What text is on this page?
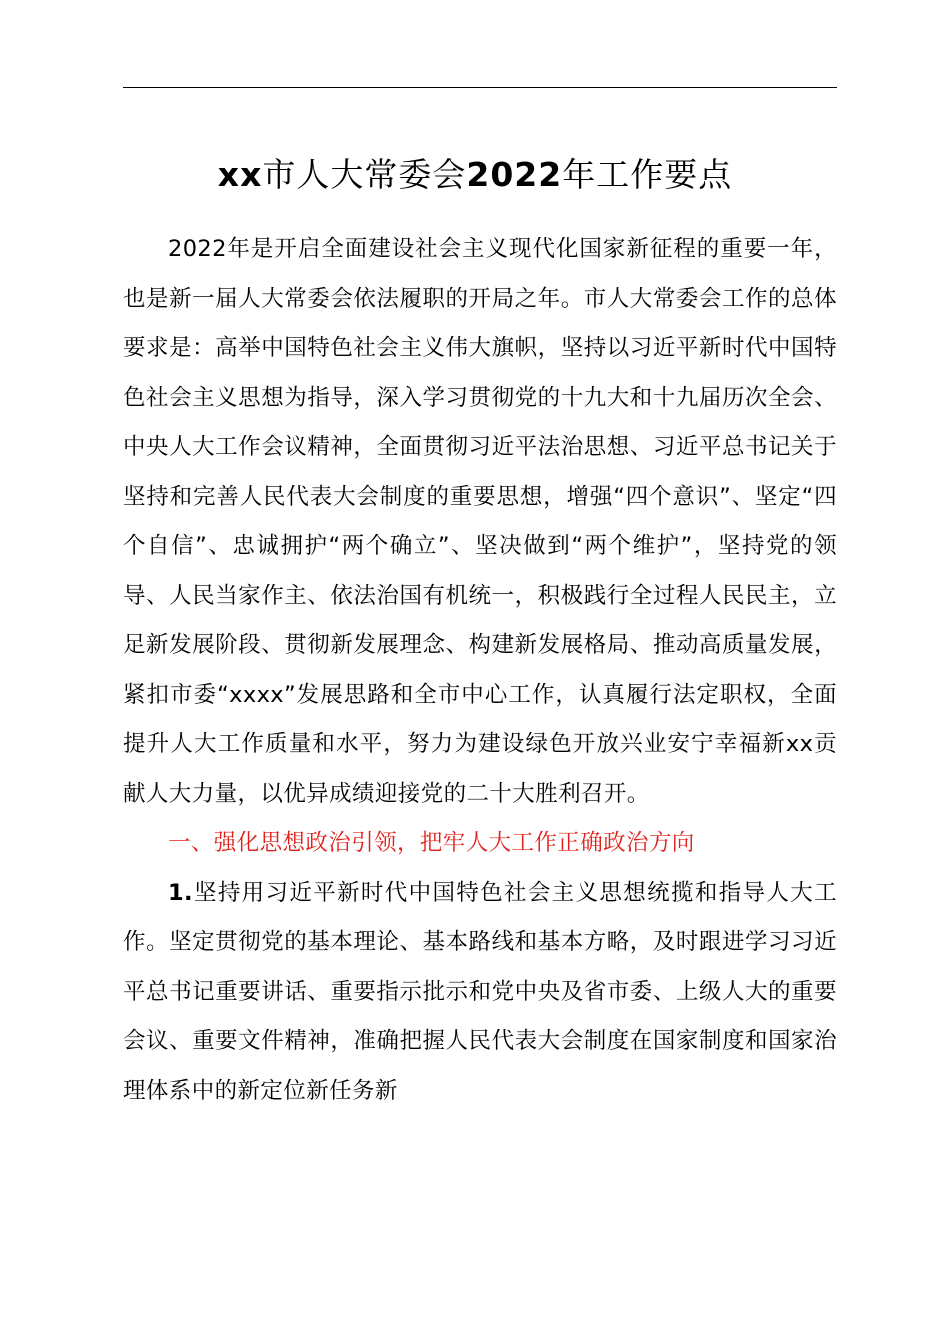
xx市人大常委会2022年工作要点

2022年是开启全面建设社会主义现代化国家新征程的重要一年，也是新一届人大常委会依法履职的开局之年。市人大常委会工作的总体要求是：高举中国特色社会主义伟大旗帜，坚持以习近平新时代中国特色社会主义思想为指导，深入学习贯彻党的十九大和十九届历次全会、中央人大工作会议精神，全面贯彻习近平法治思想、习近平总书记关于坚持和完善人民代表大会制度的重要思想，增强“四个意识”、坚定“四个自信”、忠诚拥护“两个确立”、坚决做到“两个维护”，坚持党的领导、人民当家作主、依法治国有机统一，积极践行全过程人民民主，立足新发展阶段、贯彻新发展理念、构建新发展格局、推动高质量发展，紧扣市委“xxxx”发展思路和全市中心工作，认真履行法定职权，全面提升人大工作质量和水平，努力为建设绿色开放兴业安宁幸福新xx贡献人大力量，以优异成绩迎接党的二十大胜利召开。

一、强化思想政治引领，把牢人大工作正确政治方向

1.坚持用习近平新时代中国特色社会主义思想统揽和指导人大工作。坚定贯彻党的基本理论、基本路线和基本方略，及时跟进学习习近平总书记重要讲话、重要指示批示和党中央及省市委、上级人大的重要会议、重要文件精神，准确把握人民代表大会制度在国家制度和国家治理体系中的新定位新任务新
